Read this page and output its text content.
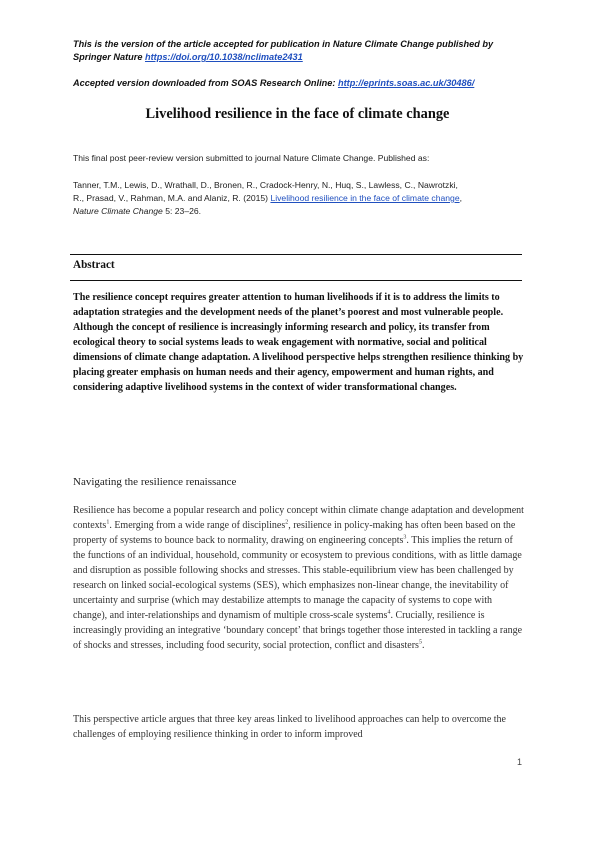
This is the version of the article accepted for publication in Nature Climate Change published by
Springer Nature https://doi.org/10.1038/nclimate2431
Accepted version downloaded from SOAS Research Online: http://eprints.soas.ac.uk/30486/
Livelihood resilience in the face of climate change
This final post peer-review version submitted to journal Nature Climate Change. Published as:
Tanner, T.M., Lewis, D., Wrathall, D., Bronen, R., Cradock-Henry, N., Huq, S., Lawless, C., Nawrotzki,
R., Prasad, V., Rahman, M.A. and Alaniz, R. (2015) Livelihood resilience in the face of climate change,
Nature Climate Change 5: 23–26.
Abstract

The resilience concept requires greater attention to human livelihoods if it is to address the limits to adaptation strategies and the development needs of the planet’s poorest and most vulnerable people. Although the concept of resilience is increasingly informing research and policy, its transfer from ecological theory to social systems leads to weak engagement with normative, social and political dimensions of climate change adaptation. A livelihood perspective helps strengthen resilience thinking by placing greater emphasis on human needs and their agency, empowerment and human rights, and considering adaptive livelihood systems in the context of wider transformational changes.

Navigating the resilience renaissance

Resilience has become a popular research and policy concept within climate change adaptation and development contexts$^1$. Emerging from a wide range of disciplines$^2$, resilience in policy-making has often been based on the property of systems to bounce back to normality, drawing on engineering concepts$^3$. This implies the return of the functions of an individual, household, community or ecosystem to previous conditions, with as little damage and disruption as possible following shocks and stresses. This stable-equilibrium view has been challenged by research on linked social-ecological systems (SES), which emphasizes non-linear change, the inevitability of uncertainty and surprise (which may destabilize attempts to manage the capacity of systems to cope with change), and inter-relationships and dynamism of multiple cross-scale systems$^4$. Crucially, resilience is increasingly providing an integrative ‘boundary concept’ that brings together those interested in tackling a range of shocks and stresses, including food security, social protection, conflict and disasters$^5$.

This perspective article argues that three key areas linked to livelihood approaches can help to overcome the challenges of employing resilience thinking in order to inform improved

1
